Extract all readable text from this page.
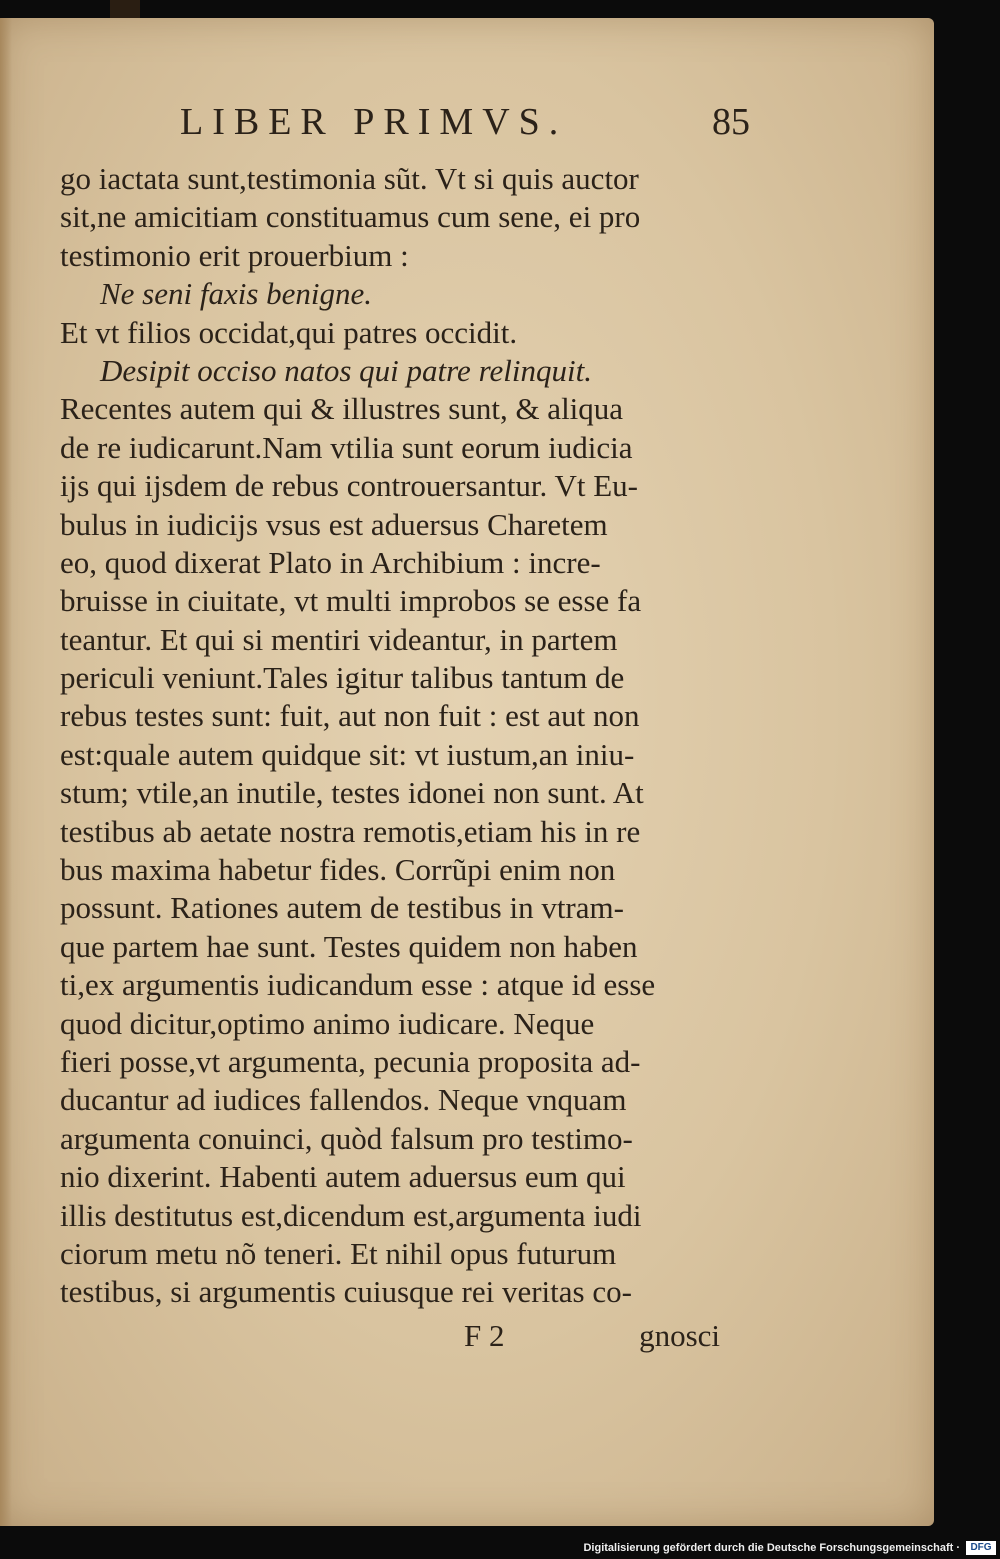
LIBER PRIMVS.	85
go iactata sunt,testimonia sũt. Vt si quis auctor
sit,ne amicitiam constituamus cum sene, ei pro
testimonio erit prouerbium :
Ne seni faxis benigne.
Et vt filios occidat,qui patres occidit.
Desipit occiso natos qui patre relinquit.
Recentes autem qui & illustres sunt, & aliqua
de re iudicarunt.Nam vtilia sunt eorum iudicia
ijs qui ijsdem de rebus controuersantur. Vt Eu-
bulus in iudicijs vsus est aduersus Charetem
eo, quod dixerat Plato in Archibium : incre-
bruisse in ciuitate, vt multi improbos se esse fa
teantur. Et qui si mentiri videantur, in partem
periculi veniunt.Tales igitur talibus tantum de
rebus testes sunt: fuit, aut non fuit : est aut non
est:quale autem quidque sit: vt iustum,an iniu-
stum; vtile,an inutile, testes idonei non sunt. At
testibus ab aetate nostra remotis,etiam his in re
bus maxima habetur fides. Corrũpi enim non
possunt. Rationes autem de testibus in vtram-
que partem hae sunt. Testes quidem non haben
ti,ex argumentis iudicandum esse : atque id esse
quod dicitur,optimo animo iudicare. Neque
fieri posse,vt argumenta, pecunia proposita ad-
ducantur ad iudices fallendos. Neque vnquam
argumenta conuinci, quòd falsum pro testimo-
nio dixerint. Habenti autem aduersus eum qui
illis destitutus est,dicendum est,argumenta iudi
ciorum metu nõ teneri. Et nihil opus futurum
testibus, si argumentis cuiusque rei veritas co-
F 2	gnosci
Digitalisierung gefördert durch die Deutsche Forschungsgemeinschaft ·	DFG
